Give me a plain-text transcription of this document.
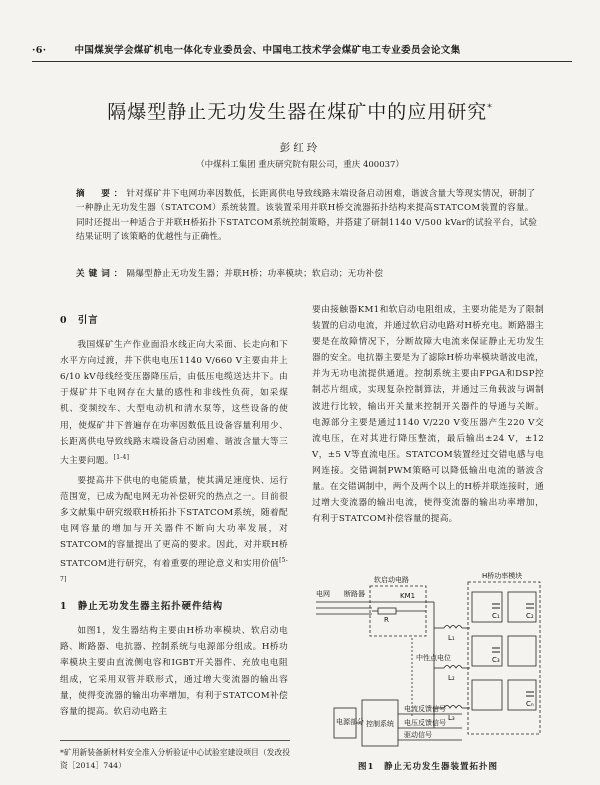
·6·	中国煤炭学会煤矿机电一体化专业委员会、中国电工技术学会煤矿电工专业委员会论文集
隔爆型静止无功发生器在煤矿中的应用研究*
彭红玲
（中煤科工集团 重庆研究院有限公司，重庆 400037）
摘　要：针对煤矿井下电网功率因数低，长距离供电导致线路末端设备启动困难，谐波含量大等现实情况，研制了一种静止无功发生器（STATCOM）系统装置。该装置采用并联H桥交流器拓扑结构来提高STATCOM装置的容量。同时还提出一种适合于并联H桥拓扑下STATCOM系统控制策略，并搭建了研制1140 V/500 kVar的试验平台，试验结果证明了该策略的优越性与正确性。
关键词：隔爆型静止无功发生器；并联H桥；功率模块；软启动；无功补偿
0　引言

我国煤矿生产作业面沿水线正向大采面、长走向和下水平方向过渡，井下供电电压1140 V/660 V主要由井上6/10 kV母线经变压器降压后，由低压电缆送达井下。由于煤矿井下电网存在大量的感性和非线性负荷，如采煤机、变频绞车、大型电动机和清水泵等，这些设备的使用，使煤矿井下普遍存在功率因数低且设备容量利用少、长距离供电导致线路末端设备启动困难、谐波含量大等三大主要问题。[1-4]

要提高井下供电的电能质量，使其满足速度快、运行范围宽，已成为配电网无功补偿研究的热点之一。目前很多文献集中研究级联H桥拓扑下STATCOM系统，随着配电网容量的增加与开关器件不断向大功率发展，对STATCOM的容量提出了更高的要求。因此，对并联H桥STATCOM进行研究，有着重要的理论意义和实用价值[5-7]

1　静止无功发生器主拓扑硬件结构

如图1，发生器结构主要由H桥功率模块、软启动电路、断路器、电抗器、控制系统与电源部分组成。H桥功率模块主要由直流侧电容和IGBT开关器件、充放电电阻组成，它采用双管并联形式，通过增大变流器的输出容量，使得变流器的输出功率增加，有利于STATCOM补偿容量的提高。软启动电路主

要由接触器KM1和软启动电阻组成，主要功能是为了限制装置的启动电流，并通过软启动电路对H桥充电。断路器主要是在故障情况下，分断故障大电流来保证静止无功发生器的安全。电抗器主要是为了滤除H桥功率模块谐波电流，并为无功电流提供通道。控制系统主要由FPGA和DSP控制芯片组成，实现复杂控制算法，并通过三角载波与调制波进行比较，输出开关量来控制开关器件的导通与关断。电源部分主要是通过1140 V/220 V变压器产生220 V交流电压，在对其进行降压整流，最后输出±24 V，±12 V，±5 V等直流电压。STATCOM装置经过交错电感与电网连接。交错调制PWM策略可以降低输出电流的谐波含量。在交错调制中，两个及两个以上的H桥并联连接时，通过增大变流器的输出电流，使得变流器的输出功率增加，有利于STATCOM补偿容量的提高。

电网 断路器
软启动电路
KM1
R
L₁
L₂
L₃
H桥功率模块
C₁	C₂
C₃
Cₙ
中性点电位
电源部分 控制系统
电流反馈信号
电压反馈信号
驱动信号
图1　静止无功发生器装置拓扑图
*矿用新装备新材料安全准入分析验证中心试验室建设项目（发改投资［2014］744）
